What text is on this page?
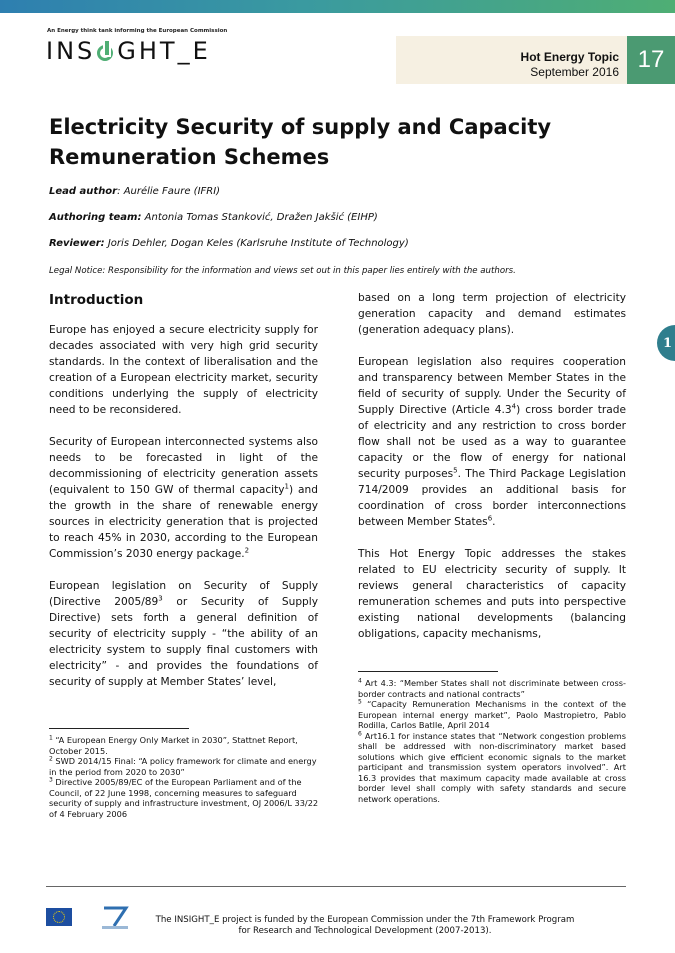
An Energy think tank informing the European Commission
INS GHT_E	Hot Energy Topic
September 2016 17
Electricity Security of supply and Capacity Remuneration Schemes
Lead author: Aurélie Faure (IFRI)
Authoring team: Antonia Tomas Stanković, Dražen Jakšić (EIHP)
Reviewer: Joris Dehler, Dogan Keles (Karlsruhe Institute of Technology)
Legal Notice: Responsibility for the information and views set out in this paper lies entirely with the authors.
Introduction

Europe has enjoyed a secure electricity supply for decades associated with very high grid security standards. In the context of liberalisation and the creation of a European electricity market, security conditions underlying the supply of electricity need to be reconsidered.

Security of European interconnected systems also needs to be forecasted in light of the decommissioning of electricity generation assets (equivalent to 150 GW of thermal capacity$^1$) and the growth in the share of renewable energy sources in electricity generation that is projected to reach 45% in 2030, according to the European Commission’s 2030 energy package.$^2$

European legislation on Security of Supply (Directive $2005/89^3$ or Security of Supply Directive) sets forth a general definition of security of electricity supply - “the ability of an electricity system to supply final customers with electricity” - and provides the foundations of security of supply at Member States’ level,

based on a long term projection of electricity generation capacity and demand estimates (generation adequacy plans).

European legislation also requires cooperation and transparency between Member States in the field of security of supply. Under the Security of Supply Directive (Article $4.3^4$) cross border trade of electricity and any restriction to cross border flow shall not be used as a way to guarantee capacity or the flow of energy for national security purposes$^5$. The Third Package Legislation 714/2009 provides an additional basis for coordination of cross border interconnections between Member States$^6$.

This Hot Energy Topic addresses the stakes related to EU electricity security of supply. It reviews general characteristics of capacity remuneration schemes and puts into perspective existing national developments (balancing obligations, capacity mechanisms,

$^1$ “A European Energy Only Market in 2030”, Stattnet Report, October 2015.

$^2$ SWD 2014/15 Final: “A policy framework for climate and energy in the period from 2020 to 2030”

$^3$ Directive 2005/89/EC of the European Parliament and of the Council, of 22 June 1998, concerning measures to safeguard security of supply and infrastructure investment, OJ 2006/L 33/22 of 4 February 2006

$^4$ Art 4.3: “Member States shall not discriminate between cross-border contracts and national contracts”

$^5$ “Capacity Remuneration Mechanisms in the context of the European internal energy market”, Paolo Mastropietro, Pablo Rodilla, Carlos Batlle, April 2014

$^6$ Art16.1 for instance states that “Network congestion problems shall be addressed with non-discriminatory market based solutions which give efficient economic signals to the market participant and transmission system operators involved”. Art 16.3 provides that maximum capacity made available at cross border level shall comply with safety standards and secure network operations.

1
The INSIGHT_E project is funded by the European Commission under the 7th Framework Program for Research and Technological Development (2007-2013).
